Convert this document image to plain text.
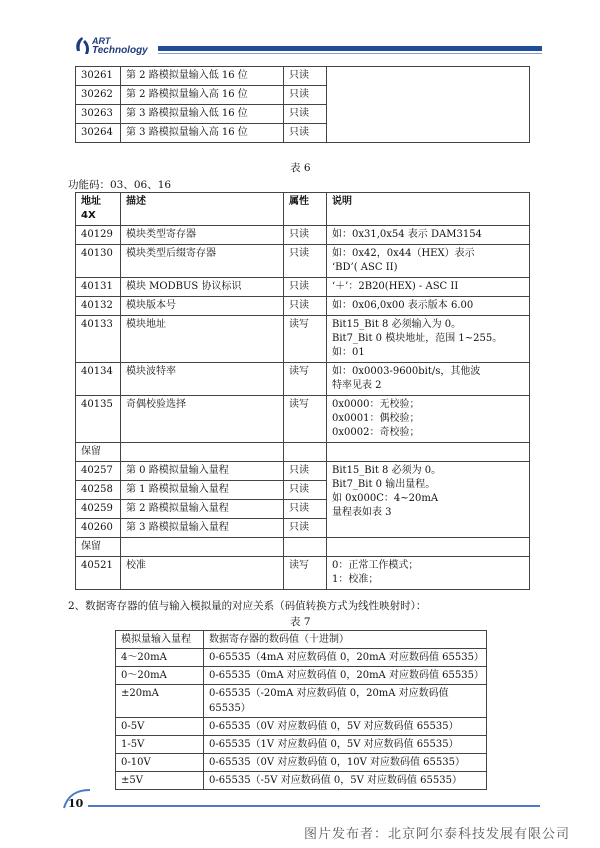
ART
Technology
30261	第 2 路模拟量输入低 16 位	只读	
30262	第 2 路模拟量输入高 16 位	只读	
30263	第 3 路模拟量输入低 16 位	只读	
30264	第 3 路模拟量输入高 16 位	只读	
表 6
功能码：03、06、16
地址 4X	描述	属性	说明
40129	模块类型寄存器	只读	如：0x31,0x54 表示 DAM3154
40130	模块类型后缀寄存器	只读	如：0x42，0x44（HEX）表示
‘BD’( ASC II)
40131	模块 MODBUS 协议标识	只读	‘＋’：2B20(HEX) - ASC II
40132	模块版本号	只读	如：0x06,0x00 表示版本 6.00
40133	模块地址	读写	Bit15_Bit 8 必须输入为 0。
Bit7_Bit 0 模块地址，范围 1~255。
如：01
40134	模块波特率	读写	如：0x0003-9600bit/s，其他波
特率见表 2
40135	奇偶校验选择	读写	0x0000：无校验；
0x0001：偶校验；
0x0002：奇校验；
保留			
40257	第 0 路模拟量输入量程	只读	Bit15_Bit 8 必须为 0。
Bit7_Bit 0 输出量程。
如 0x000C：4~20mA
量程表如表 3
40258	第 1 路模拟量输入量程	只读	
40259	第 2 路模拟量输入量程	只读	
40260	第 3 路模拟量输入量程	只读	
保留			
40521	校准	读写	0：正常工作模式；
1：校准；
2、数据寄存器的值与输入模拟量的对应关系（码值转换方式为线性映射时）：
表 7
模拟量输入量程	数据寄存器的数码值（十进制）
4～20mA	0-65535（4mA 对应数码值 0，20mA 对应数码值 65535）
0～20mA	0-65535（0mA 对应数码值 0，20mA 对应数码值 65535）
±20mA	0-65535（-20mA 对应数码值 0，20mA 对应数码值 65535）
0-5V	0-65535（0V 对应数码值 0，5V 对应数码值 65535）
1-5V	0-65535（1V 对应数码值 0，5V 对应数码值 65535）
0-10V	0-65535（0V 对应数码值 0，10V 对应数码值 65535）
±5V	0-65535（-5V 对应数码值 0，5V 对应数码值 65535）
10
图片发布者：北京阿尔泰科技发展有限公司
